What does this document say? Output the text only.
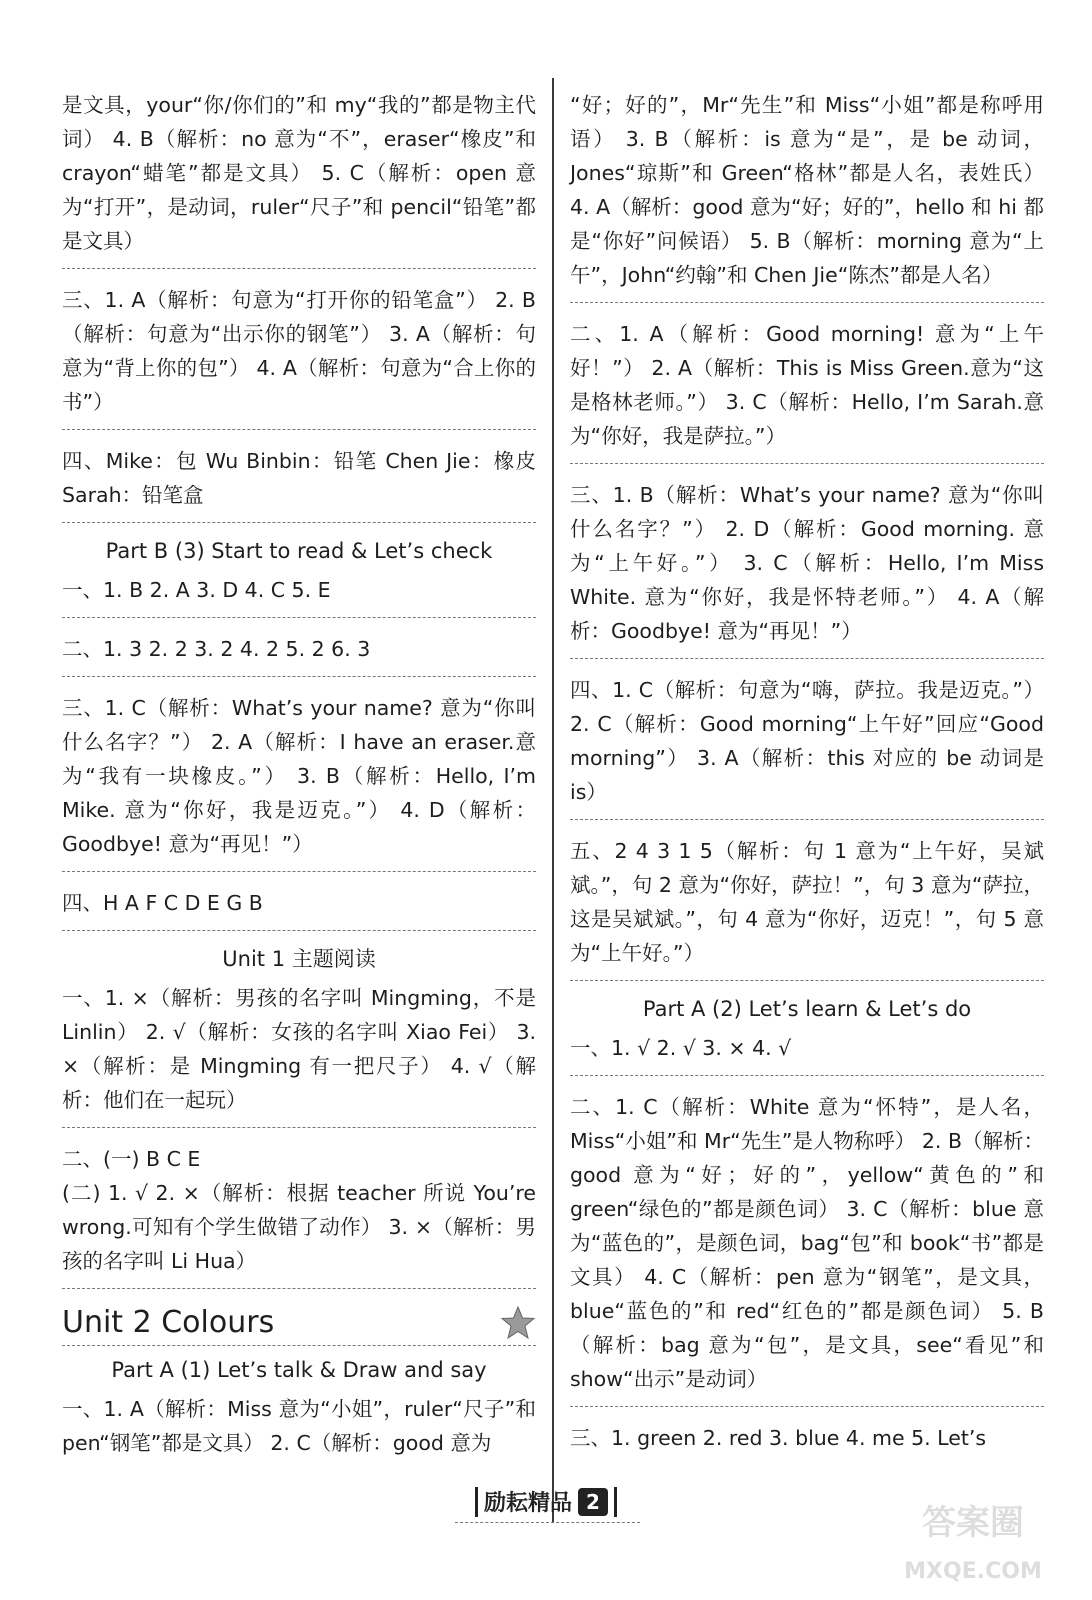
是文具，your“你/你们的”和 my“我的”都是物主代词） 4. B（解析：no 意为“不”，eraser“橡皮”和 crayon“蜡笔”都是文具） 5. C（解析：open 意为“打开”，是动词，ruler“尺子”和 pencil“铅笔”都是文具）

三、1. A（解析：句意为“打开你的铅笔盒”） 2. B（解析：句意为“出示你的钢笔”） 3. A（解析：句意为“背上你的包”） 4. A（解析：句意为“合上你的书”）

四、Mike：包 Wu Binbin：铅笔 Chen Jie：橡皮 Sarah：铅笔盒

Part B (3) Start to read & Let’s check

一、1. B 2. A 3. D 4. C 5. E

二、1. 3 2. 2 3. 2 4. 2 5. 2 6. 3

三、1. C（解析：What’s your name? 意为“你叫什么名字？”） 2. A（解析：I have an eraser.意为“我有一块橡皮。”） 3. B（解析：Hello, I’m Mike. 意为“你好，我是迈克。”） 4. D（解析：Goodbye! 意为“再见！”）

四、H A F C D E G B

Unit 1 主题阅读

一、1. ×（解析：男孩的名字叫 Mingming，不是 Linlin） 2. √（解析：女孩的名字叫 Xiao Fei） 3. ×（解析：是 Mingming 有一把尺子） 4. √（解析：他们在一起玩）

二、(一) B C E
(二) 1. √ 2. ×（解析：根据 teacher 所说 You’re wrong.可知有个学生做错了动作） 3. ×（解析：男孩的名字叫 Li Hua）

Unit 2 Colours
Part A (1) Let’s talk & Draw and say

一、1. A（解析：Miss 意为“小姐”，ruler“尺子”和 pen“钢笔”都是文具） 2. C（解析：good 意为

“好；好的”，Mr“先生”和 Miss“小姐”都是称呼用语） 3. B（解析：is 意为“是”，是 be 动词，Jones“琼斯”和 Green“格林”都是人名，表姓氏） 4. A（解析：good 意为“好；好的”，hello 和 hi 都是“你好”问候语） 5. B（解析：morning 意为“上午”，John“约翰”和 Chen Jie“陈杰”都是人名）

二、1. A（解析：Good morning! 意为“上午好！”） 2. A（解析：This is Miss Green.意为“这是格林老师。”） 3. C（解析：Hello, I’m Sarah.意为“你好，我是萨拉。”）

三、1. B（解析：What’s your name? 意为“你叫什么名字？”） 2. D（解析：Good morning. 意为“上午好。”） 3. C（解析：Hello, I’m Miss White. 意为“你好，我是怀特老师。”） 4. A（解析：Goodbye! 意为“再见！”）

四、1. C（解析：句意为“嗨，萨拉。我是迈克。”） 2. C（解析：Good morning“上午好”回应“Good morning”） 3. A（解析：this 对应的 be 动词是 is）

五、2 4 3 1 5（解析：句 1 意为“上午好，吴斌斌。”，句 2 意为“你好，萨拉！”，句 3 意为“萨拉，这是吴斌斌。”，句 4 意为“你好，迈克！”，句 5 意为“上午好。”）

Part A (2) Let’s learn & Let’s do

一、1. √ 2. √ 3. × 4. √

二、1. C（解析：White 意为“怀特”，是人名，Miss“小姐”和 Mr“先生”是人物称呼） 2. B（解析：good 意为“好；好的”，yellow“黄色的”和 green“绿色的”都是颜色词） 3. C（解析：blue 意为“蓝色的”，是颜色词，bag“包”和 book“书”都是文具） 4. C（解析：pen 意为“钢笔”，是文具，blue“蓝色的”和 red“红色的”都是颜色词） 5. B（解析：bag 意为“包”，是文具，see“看见”和 show“出示”是动词）

三、1. green 2. red 3. blue 4. me 5. Let’s

励耘精品 2
答案圈
MXQE.COM
